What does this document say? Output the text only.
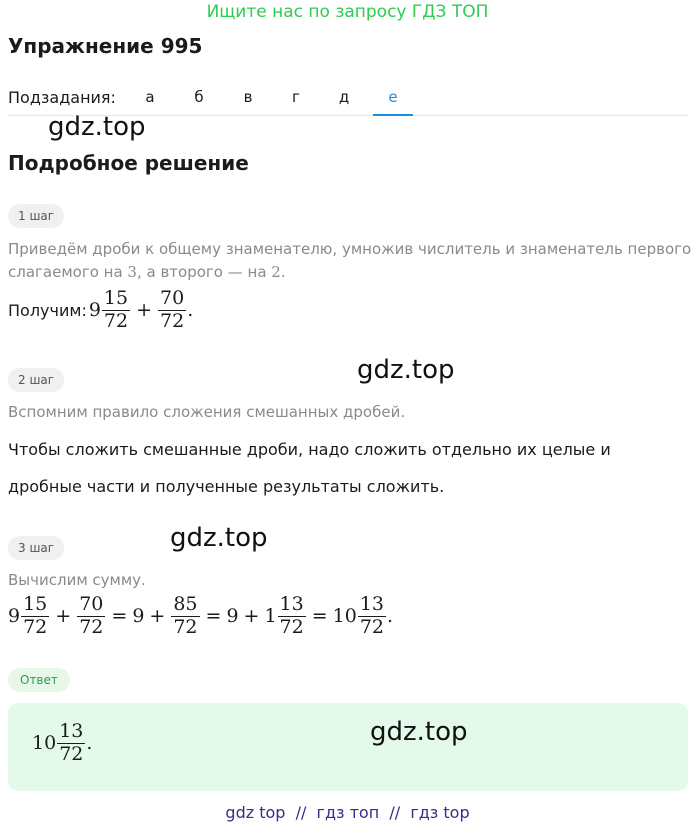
Ищите нас по запросу ГДЗ ТОП
Упражнение 995
Подзадания:	а	б	в	г	д	е
gdz.top
Подробное решение
1 шаг
Приведём дроби к общему знаменателю, умножив числитель и знаменатель первого
слагаемого на 3, а второго — на 2.
Получим: $9 \frac{15}{72} + \frac{70}{72}$ .
gdz.top
2 шаг
Вспомним правило сложения смешанных дробей.
Чтобы сложить смешанные дроби, надо сложить отдельно их целые и
дробные части и полученные результаты сложить.
gdz.top
3 шаг
Вычислим сумму.
$9 \frac{15}{72} + \frac{70}{72} = 9 + \frac{85}{72} = 9 + 1 \frac{13}{72} = 10 \frac{13}{72}$ .
Ответ
$10 \frac{13}{72}$ .	gdz.top
gdz top // гдз топ // гдз top
